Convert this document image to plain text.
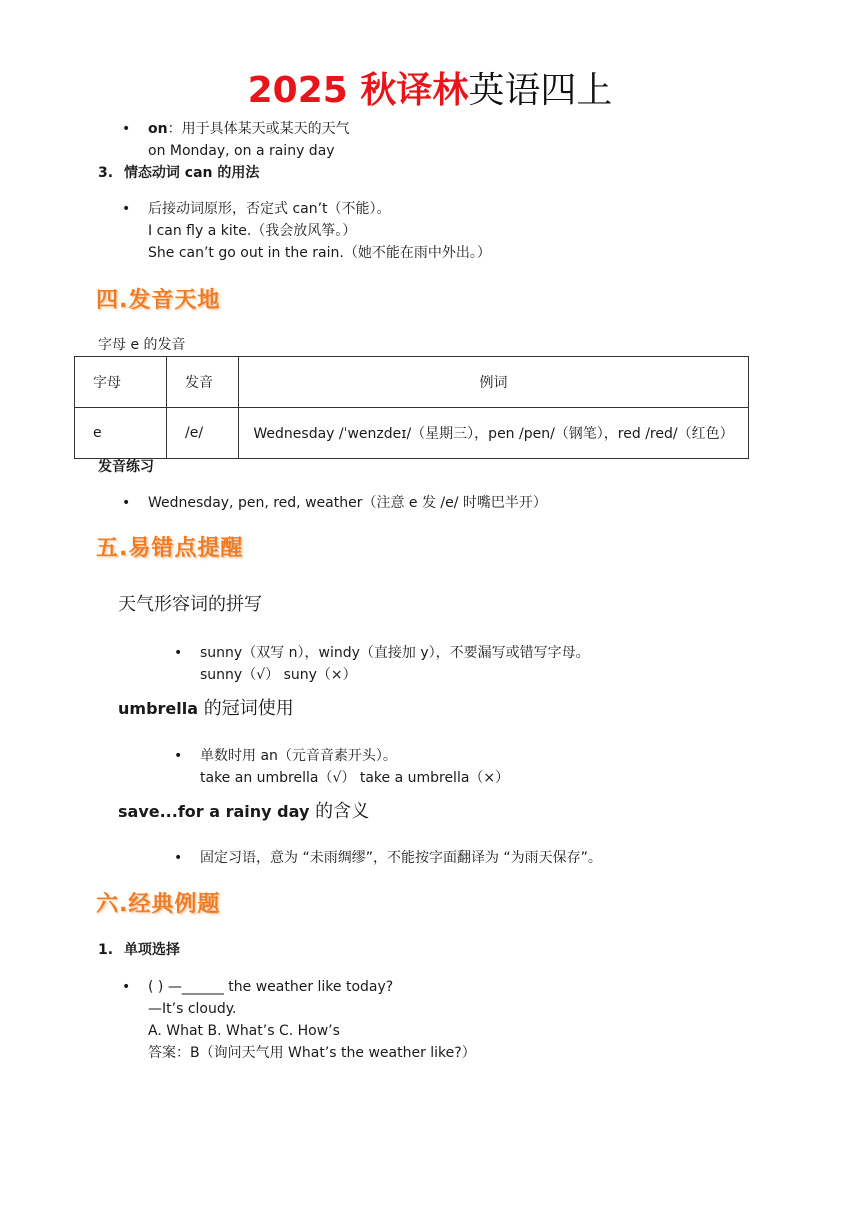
2025 秋译林英语四上
•	on：用于具体某天或某天的天气
on Monday, on a rainy day
3. 情态动词 can 的用法
•	后接动词原形，否定式 can’t（不能）。
I can fly a kite.（我会放风筝。）
She can’t go out in the rain.（她不能在雨中外出。）
四.发音天地
字母 e 的发音
字母	发音	例词
e	/e/	Wednesday /ˈwenzdeɪ/（星期三），pen /pen/（钢笔），red /red/（红色）
发音练习
•	Wednesday, pen, red, weather（注意 e 发 /e/ 时嘴巴半开）
五.易错点提醒
天气形容词的拼写
•	sunny（双写 n），windy（直接加 y），不要漏写或错写字母。
sunny（√） suny（×）
umbrella 的冠词使用
•	单数时用 an（元音音素开头）。
take an umbrella（√） take a umbrella（×）
save...for a rainy day 的含义
•	固定习语，意为 “未雨绸缪”，不能按字面翻译为 “为雨天保存”。
六.经典例题
1. 单项选择
•	( ) —______ the weather like today?
—It’s cloudy.
A. What B. What’s C. How’s
答案：B（询问天气用 What’s the weather like?）
